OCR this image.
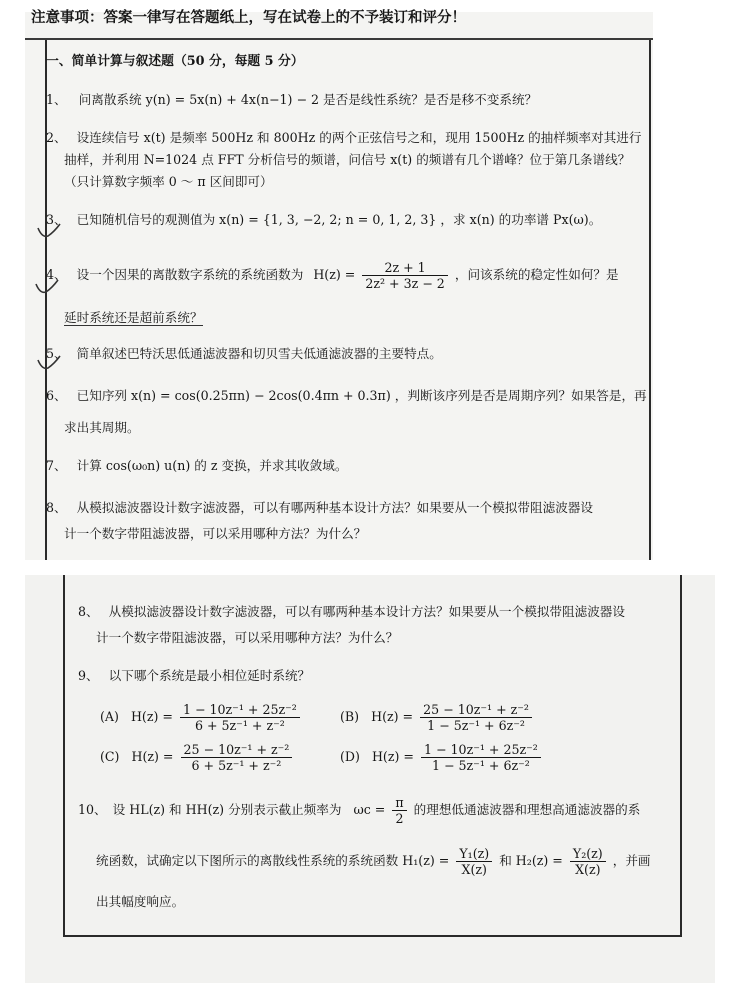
注意事项：答案一律写在答题纸上，写在试卷上的不予装订和评分！
一、简单计算与叙述题（50 分，每题 5 分）
1、 问离散系统 y(n) = 5x(n) + 4x(n−1) − 2 是否是线性系统？是否是移不变系统？
2、 设连续信号 x(t) 是频率 500Hz 和 800Hz 的两个正弦信号之和，现用 1500Hz 的抽样频率对其进行
抽样，并利用 N=1024 点 FFT 分析信号的频谱，问信号 x(t) 的频谱有几个谱峰？位于第几条谱线？
（只计算数字频率 0 ～ π 区间即可）
3、 已知随机信号的观测值为 x(n) = {1, 3, −2, 2; n = 0, 1, 2, 3} ，求 x(n) 的功率谱 Px(ω)。
4、 设一个因果的离散数字系统的系统函数为 $H(z) = \frac{2z + 1}{\text{2z² + 3z − 2}}$ ，问该系统的稳定性如何？是
延时系统还是超前系统？
5、 简单叙述巴特沃思低通滤波器和切贝雪夫低通滤波器的主要特点。
6、 已知序列 x(n) = cos(0.25πn) − 2cos(0.4πn + 0.3π) ，判断该序列是否是周期序列？如果答是，再
求出其周期。
7、 计算 cos(ω₀n) u(n) 的 z 变换，并求其收敛域。
8、 从模拟滤波器设计数字滤波器，可以有哪两种基本设计方法？如果要从一个模拟带阻滤波器设
计一个数字带阻滤波器，可以采用哪种方法？为什么？
8、 从模拟滤波器设计数字滤波器，可以有哪两种基本设计方法？如果要从一个模拟带阻滤波器设
计一个数字带阻滤波器，可以采用哪种方法？为什么？
9、 以下哪个系统是最小相位延时系统？
(A) $H(z) = \frac{\text{1 − 10z⁻¹ + 25z⁻²}}{\text{6 + 5z⁻¹ + z⁻²}}$	(B) $H(z) = \frac{\text{25 − 10z⁻¹ + z⁻²}}{\text{1 − 5z⁻¹ + 6z⁻²}}$
(C) $H(z) = \frac{\text{25 − 10z⁻¹ + z⁻²}}{\text{6 + 5z⁻¹ + z⁻²}}$	(D) $H(z) = \frac{\text{1 − 10z⁻¹ + 25z⁻²}}{\text{1 − 5z⁻¹ + 6z⁻²}}$
10、 设 HL(z) 和 HH(z) 分别表示截止频率为 $\omega c = \frac{\pi}{2}$ 的理想低通滤波器和理想高通滤波器的系
统函数，试确定以下图所示的离散线性系统的系统函数 $H_1(z) = \frac{\text{Y₁(z)}}{X(z)}$ 和 $H_2(z) = \frac{\text{Y₂(z)}}{X(z)}$ ，并画
出其幅度响应。
